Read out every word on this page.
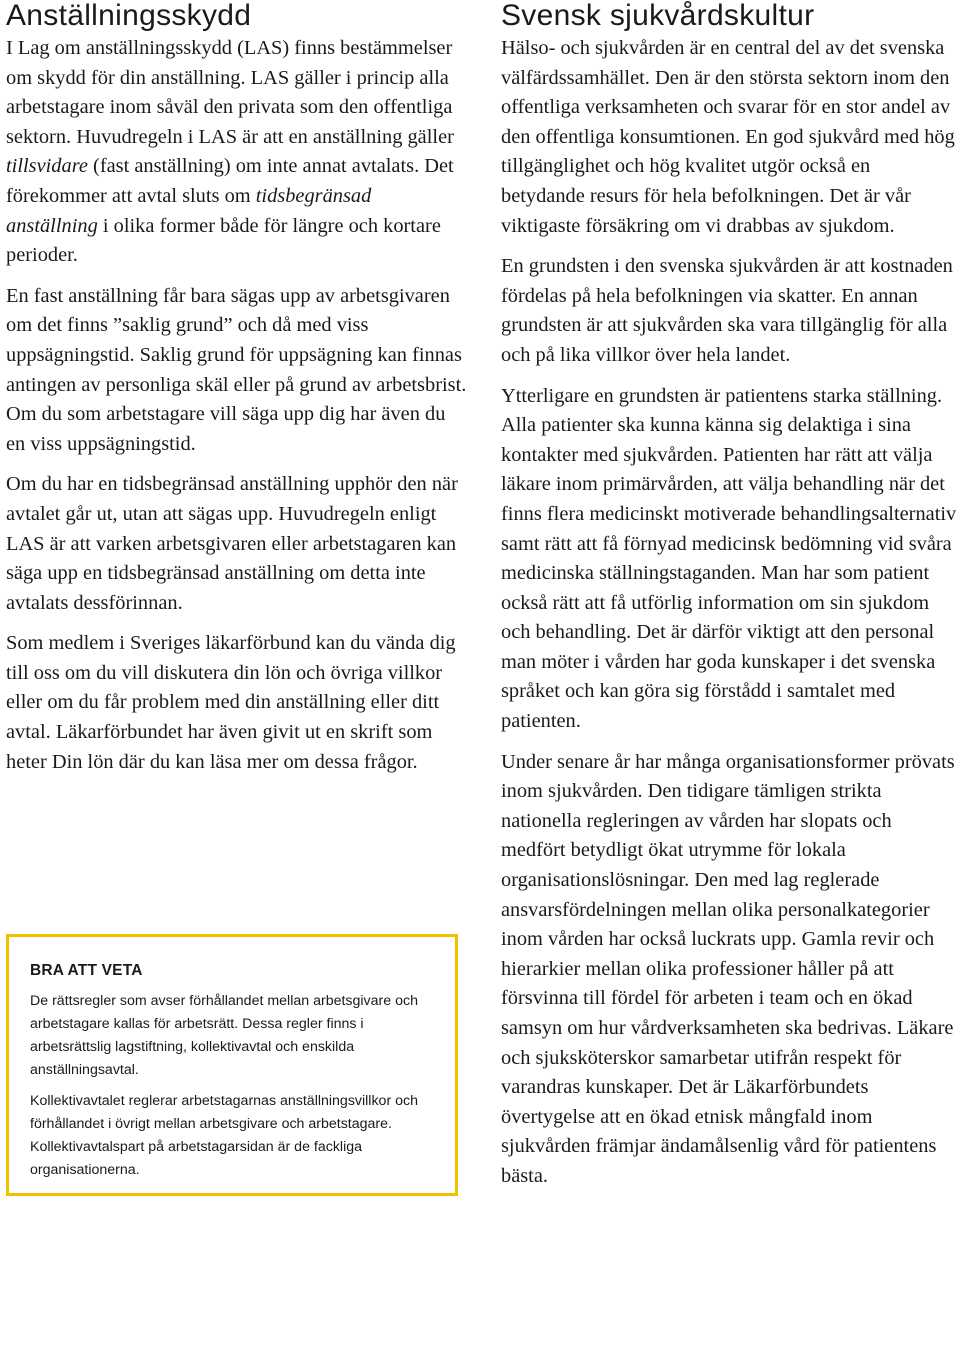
Anställningsskydd

I Lag om anställningsskydd (LAS) finns bestämmelser om skydd för din anställning. LAS gäller i princip alla arbetstagare inom såväl den privata som den offentliga sektorn. Huvudregeln i LAS är att en anställning gäller tillsvidare (fast anställning) om inte annat avtalats. Det förekommer att avtal sluts om tidsbegränsad anställning i olika former både för längre och kortare perioder.

En fast anställning får bara sägas upp av arbetsgivaren om det finns ”saklig grund” och då med viss uppsägningstid. Saklig grund för uppsägning kan finnas antingen av personliga skäl eller på grund av arbetsbrist. Om du som arbetstagare vill säga upp dig har även du en viss uppsägningstid.

Om du har en tidsbegränsad anställning upphör den när avtalet går ut, utan att sägas upp. Huvudregeln enligt LAS är att varken arbetsgivaren eller arbetstagaren kan säga upp en tidsbegränsad anställning om detta inte avtalats dessförinnan.

Som medlem i Sveriges läkarförbund kan du vända dig till oss om du vill diskutera din lön och övriga villkor eller om du får problem med din anställning eller ditt avtal. Läkarförbundet har även givit ut en skrift som heter Din lön där du kan läsa mer om dessa frågor.

BRA ATT VETA

De rättsregler som avser förhållandet mellan arbetsgivare och arbetstagare kallas för arbetsrätt. Dessa regler finns i arbetsrättslig lagstiftning, kollektivavtal och enskilda anställningsavtal.

Kollektivavtalet reglerar arbetstagarnas anställningsvillkor och förhållandet i övrigt mellan arbetsgivare och arbetstagare. Kollektivavtalspart på arbetstagarsidan är de fackliga organisationerna.

Svensk sjukvårdskultur

Hälso- och sjukvården är en central del av det svenska välfärdssamhället. Den är den största sektorn inom den offentliga verksamheten och svarar för en stor andel av den offentliga konsumtionen. En god sjukvård med hög tillgänglighet och hög kvalitet utgör också en betydande resurs för hela befolkningen. Det är vår viktigaste försäkring om vi drabbas av sjukdom.

En grundsten i den svenska sjukvården är att kostnaden fördelas på hela befolkningen via skatter. En annan grundsten är att sjukvården ska vara tillgänglig för alla och på lika villkor över hela landet.

Ytterligare en grundsten är patientens starka ställning. Alla patienter ska kunna känna sig delaktiga i sina kontakter med sjukvården. Patienten har rätt att välja läkare inom primärvården, att välja behandling när det finns flera medicinskt motiverade behandlingsalternativ samt rätt att få förnyad medicinsk bedömning vid svåra medicinska ställningstaganden. Man har som patient också rätt att få utförlig information om sin sjukdom och behandling. Det är därför viktigt att den personal man möter i vården har goda kunskaper i det svenska språket och kan göra sig förstådd i samtalet med patienten.

Under senare år har många organisationsformer prövats inom sjukvården. Den tidigare tämligen strikta nationella regleringen av vården har slopats och medfört betydligt ökat utrymme för lokala organisationslösningar. Den med lag reglerade ansvarsfördelningen mellan olika personalkategorier inom vården har också luckrats upp. Gamla revir och hierarkier mellan olika professioner håller på att försvinna till fördel för arbeten i team och en ökad samsyn om hur vårdverksamheten ska bedrivas. Läkare och sjuksköterskor samarbetar utifrån respekt för varandras kunskaper. Det är Läkarförbundets övertygelse att en ökad etnisk mångfald inom sjukvården främjar ändamålsenlig vård för patientens bästa.
